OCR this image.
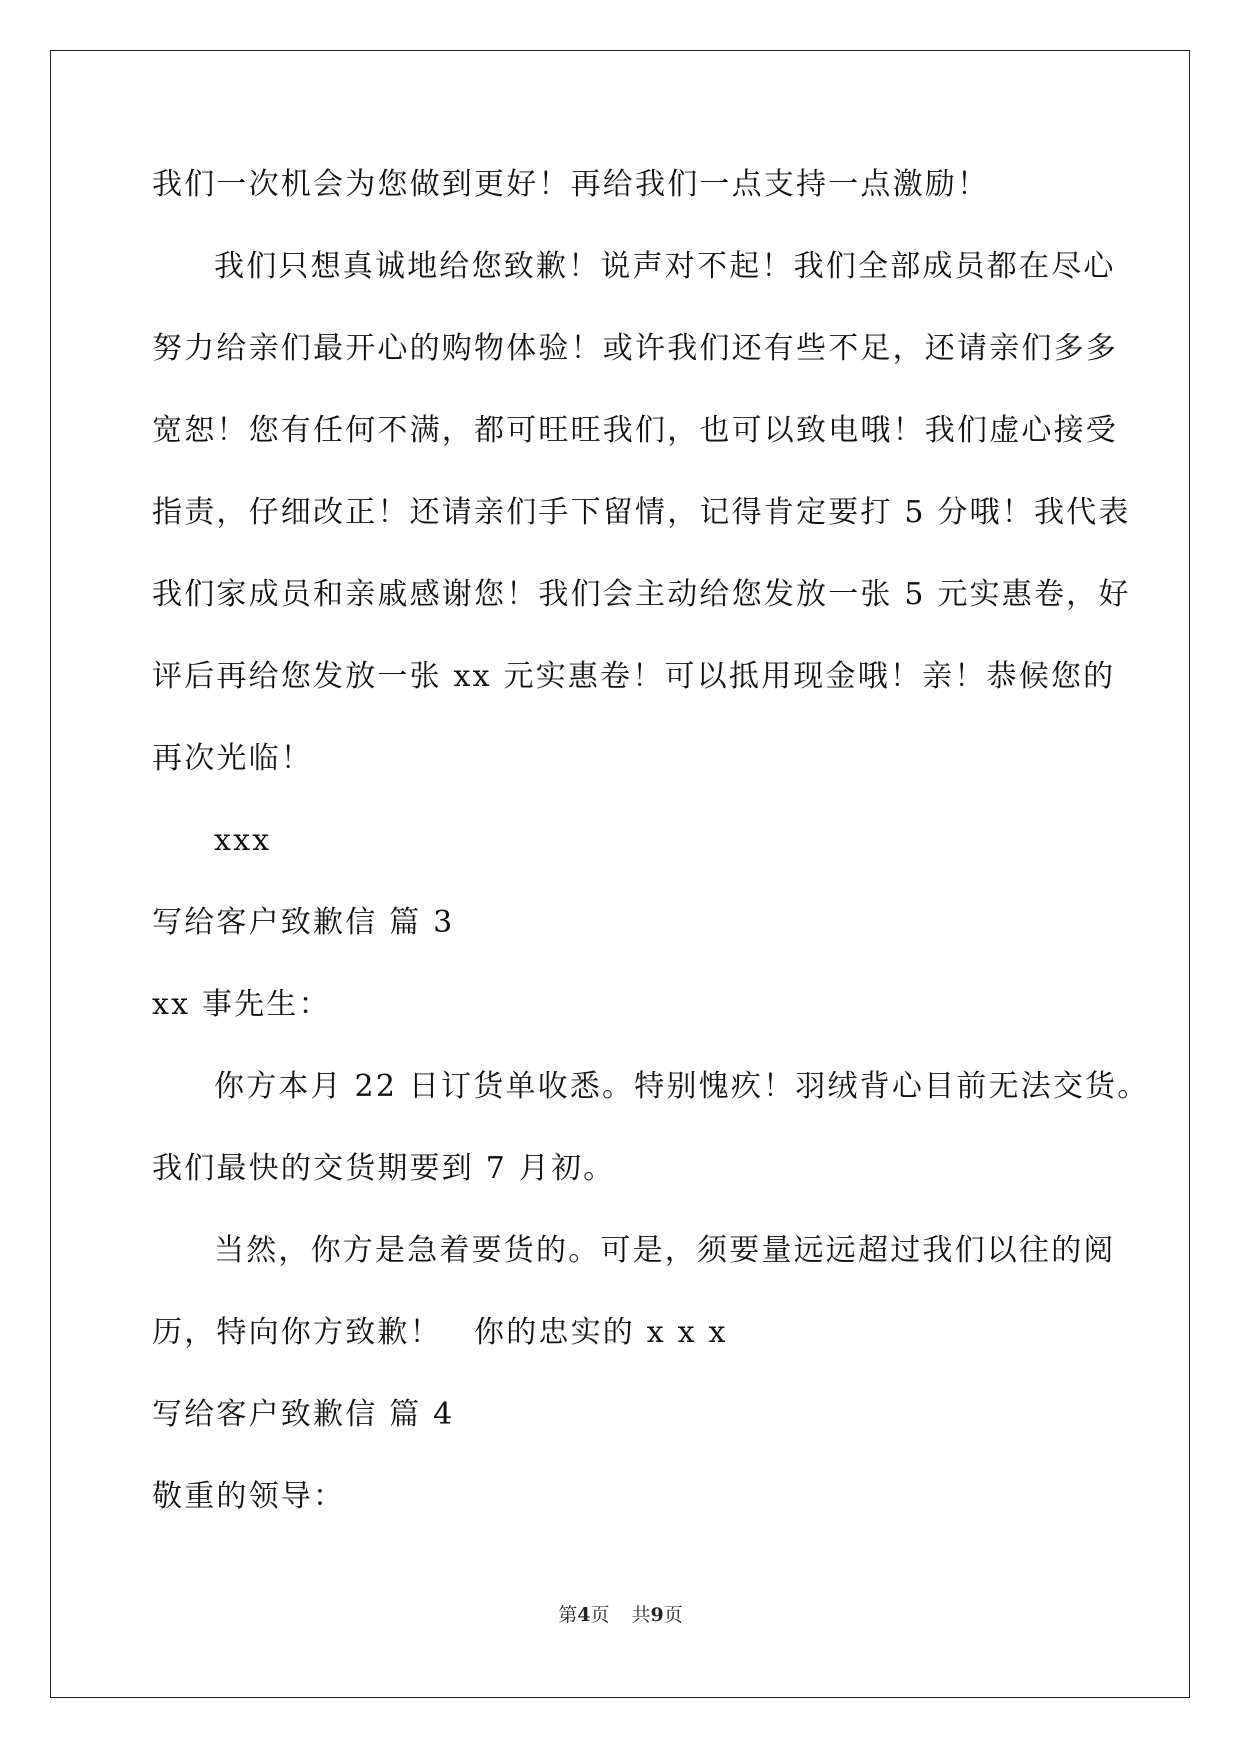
我们一次机会为您做到更好！再给我们一点支持一点激励！
我们只想真诚地给您致歉！说声对不起！我们全部成员都在尽心
努力给亲们最开心的购物体验！或许我们还有些不足，还请亲们多多
宽恕！您有任何不满，都可旺旺我们，也可以致电哦！我们虚心接受
指责，仔细改正！还请亲们手下留情，记得肯定要打 5 分哦！我代表
我们家成员和亲戚感谢您！我们会主动给您发放一张 5 元实惠卷，好
评后再给您发放一张 xx 元实惠卷！可以抵用现金哦！亲！恭候您的
再次光临！
xxx
写给客户致歉信 篇 3
xx 事先生：
你方本月 22 日订货单收悉。特别愧疚！羽绒背心目前无法交货。
我们最快的交货期要到 7 月初。
当然，你方是急着要货的。可是，须要量远远超过我们以往的阅
历，特向你方致歉！　你的忠实的 x x x
写给客户致歉信 篇 4
敬重的领导：
第4页 共9页
